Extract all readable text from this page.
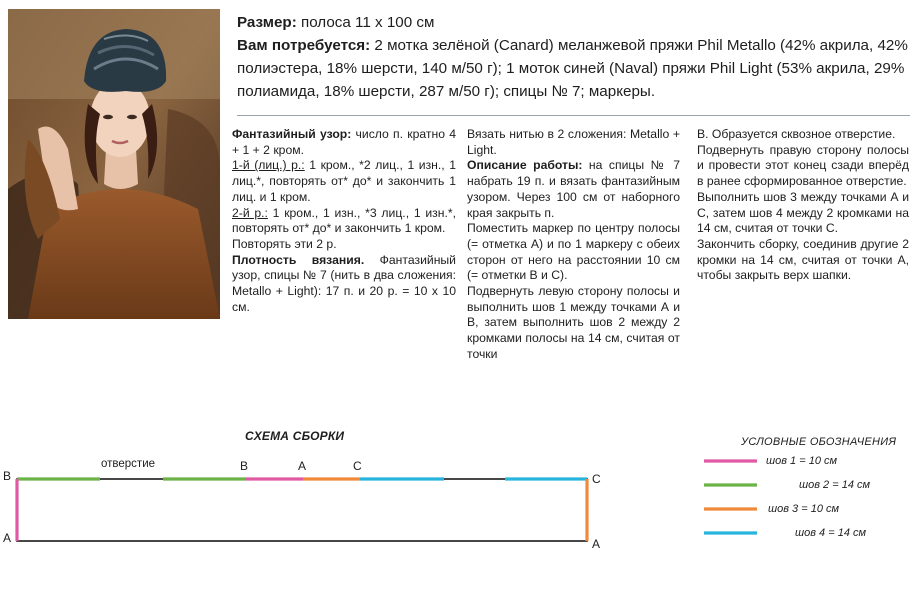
Размер: полоса 11 х 100 см
Вам потребуется: 2 мотка зелёной (Canard) меланжевой пряжи Phil Metallo (42% акрила, 42% полиэстера, 18% шерсти, 140 м/50 г); 1 моток синей (Naval) пряжи Phil Light (53% акрила, 29% полиамида, 18% шерсти, 287 м/50 г); спицы № 7; маркеры.

Фантазийный узор: число п. кратно 4 + 1 + 2 кром.

1-й (лиц.) р.: 1 кром., *2 лиц., 1 изн., 1 лиц.*, повторять от* до* и закончить 1 лиц. и 1 кром.

2-й р.: 1 кром., 1 изн., *3 лиц., 1 изн.*, повторять от* до* и закончить 1 кром.

Повторять эти 2 р.

Плотность вязания. Фантазийный узор, спицы № 7 (нить в два сложения: Metallo + Light): 17 п. и 20 р. = 10 х 10 см.

Вязать нитью в 2 сложения: Metallo + Light.

Описание работы: на спицы № 7 набрать 19 п. и вязать фантазийным узором. Через 100 см от наборного края закрыть п.

Поместить маркер по центру полосы (= отметка А) и по 1 маркеру с обеих сторон от него на расстоянии 10 см (= отметки В и С).

Подвернуть левую сторону полосы и выполнить шов 1 между точками А и В, затем выполнить шов 2 между 2 кромками полосы на 14 см, считая от точки

В. Образуется сквозное отверстие.

Подвернуть правую сторону полосы и провести этот конец сзади вперёд в ранее сформированное отверстие.

Выполнить шов 3 между точками А и С, затем шов 4 между 2 кромками на 14 см, считая от точки С.

Закончить сборку, соединив другие 2 кромки на 14 см, считая от точки А, чтобы закрыть верх шапки.

СХЕМА СБОРКИ
отверстие
B
A
B	A	C
C
A
УСЛОВНЫЕ ОБОЗНАЧЕНИЯ
шов 1 = 10 см
шов 2 = 14 см
шов 3 = 10 см
шов 4 = 14 см
